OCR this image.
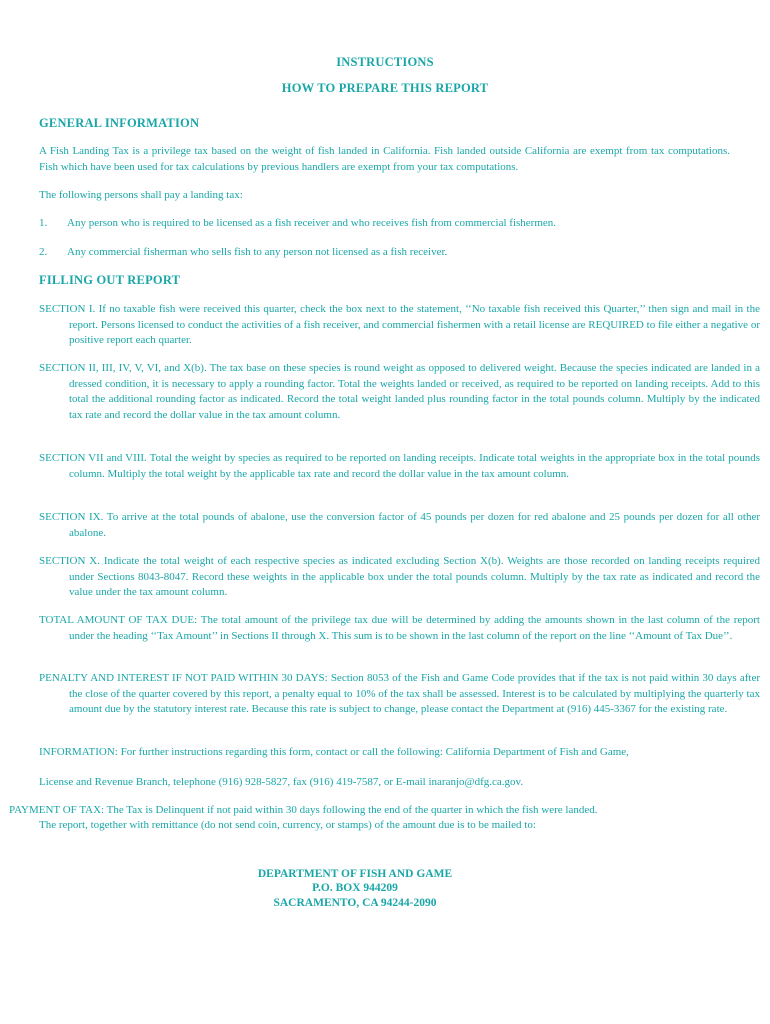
INSTRUCTIONS
HOW TO PREPARE THIS REPORT
GENERAL INFORMATION
A Fish Landing Tax is a privilege tax based on the weight of fish landed in California. Fish landed outside California are exempt from tax computations. Fish which have been used for tax calculations by previous handlers are exempt from your tax computations.
The following persons shall pay a landing tax:
1. Any person who is required to be licensed as a fish receiver and who receives fish from commercial fishermen.
2. Any commercial fisherman who sells fish to any person not licensed as a fish receiver.
FILLING OUT REPORT
SECTION I. If no taxable fish were received this quarter, check the box next to the statement, ‘‘No taxable fish received this Quarter,’’ then sign and mail in the report. Persons licensed to conduct the activities of a fish receiver, and commercial fishermen with a retail license are REQUIRED to file either a negative or positive report each quarter.
SECTION II, III, IV, V, VI, and X(b). The tax base on these species is round weight as opposed to delivered weight. Because the species indicated are landed in a dressed condition, it is necessary to apply a rounding factor. Total the weights landed or received, as required to be reported on landing receipts. Add to this total the additional rounding factor as indicated. Record the total weight landed plus rounding factor in the total pounds column. Multiply by the indicated tax rate and record the dollar value in the tax amount column.
SECTION VII and VIII. Total the weight by species as required to be reported on landing receipts. Indicate total weights in the appropriate box in the total pounds column. Multiply the total weight by the applicable tax rate and record the dollar value in the tax amount column.
SECTION IX. To arrive at the total pounds of abalone, use the conversion factor of 45 pounds per dozen for red abalone and 25 pounds per dozen for all other abalone.
SECTION X. Indicate the total weight of each respective species as indicated excluding Section X(b). Weights are those recorded on landing receipts required under Sections 8043-8047. Record these weights in the applicable box under the total pounds column. Multiply by the tax rate as indicated and record the value under the tax amount column.
TOTAL AMOUNT OF TAX DUE: The total amount of the privilege tax due will be determined by adding the amounts shown in the last column of the report under the heading ‘‘Tax Amount’’ in Sections II through X. This sum is to be shown in the last column of the report on the line ‘‘Amount of Tax Due’’.
PENALTY AND INTEREST IF NOT PAID WITHIN 30 DAYS: Section 8053 of the Fish and Game Code provides that if the tax is not paid within 30 days after the close of the quarter covered by this report, a penalty equal to 10% of the tax shall be assessed. Interest is to be calculated by multiplying the quarterly tax amount due by the statutory interest rate. Because this rate is subject to change, please contact the Department at (916) 445-3367 for the existing rate.
INFORMATION: For further instructions regarding this form, contact or call the following: California Department of Fish and Game,
License and Revenue Branch, telephone (916) 928-5827, fax (916) 419-7587, or E-mail inaranjo@dfg.ca.gov.
PAYMENT OF TAX: The Tax is Delinquent if not paid within 30 days following the end of the quarter in which the fish were landed.
The report, together with remittance (do not send coin, currency, or stamps) of the amount due is to be mailed to:
DEPARTMENT OF FISH AND GAME
P.O. BOX 944209
SACRAMENTO, CA 94244-2090
